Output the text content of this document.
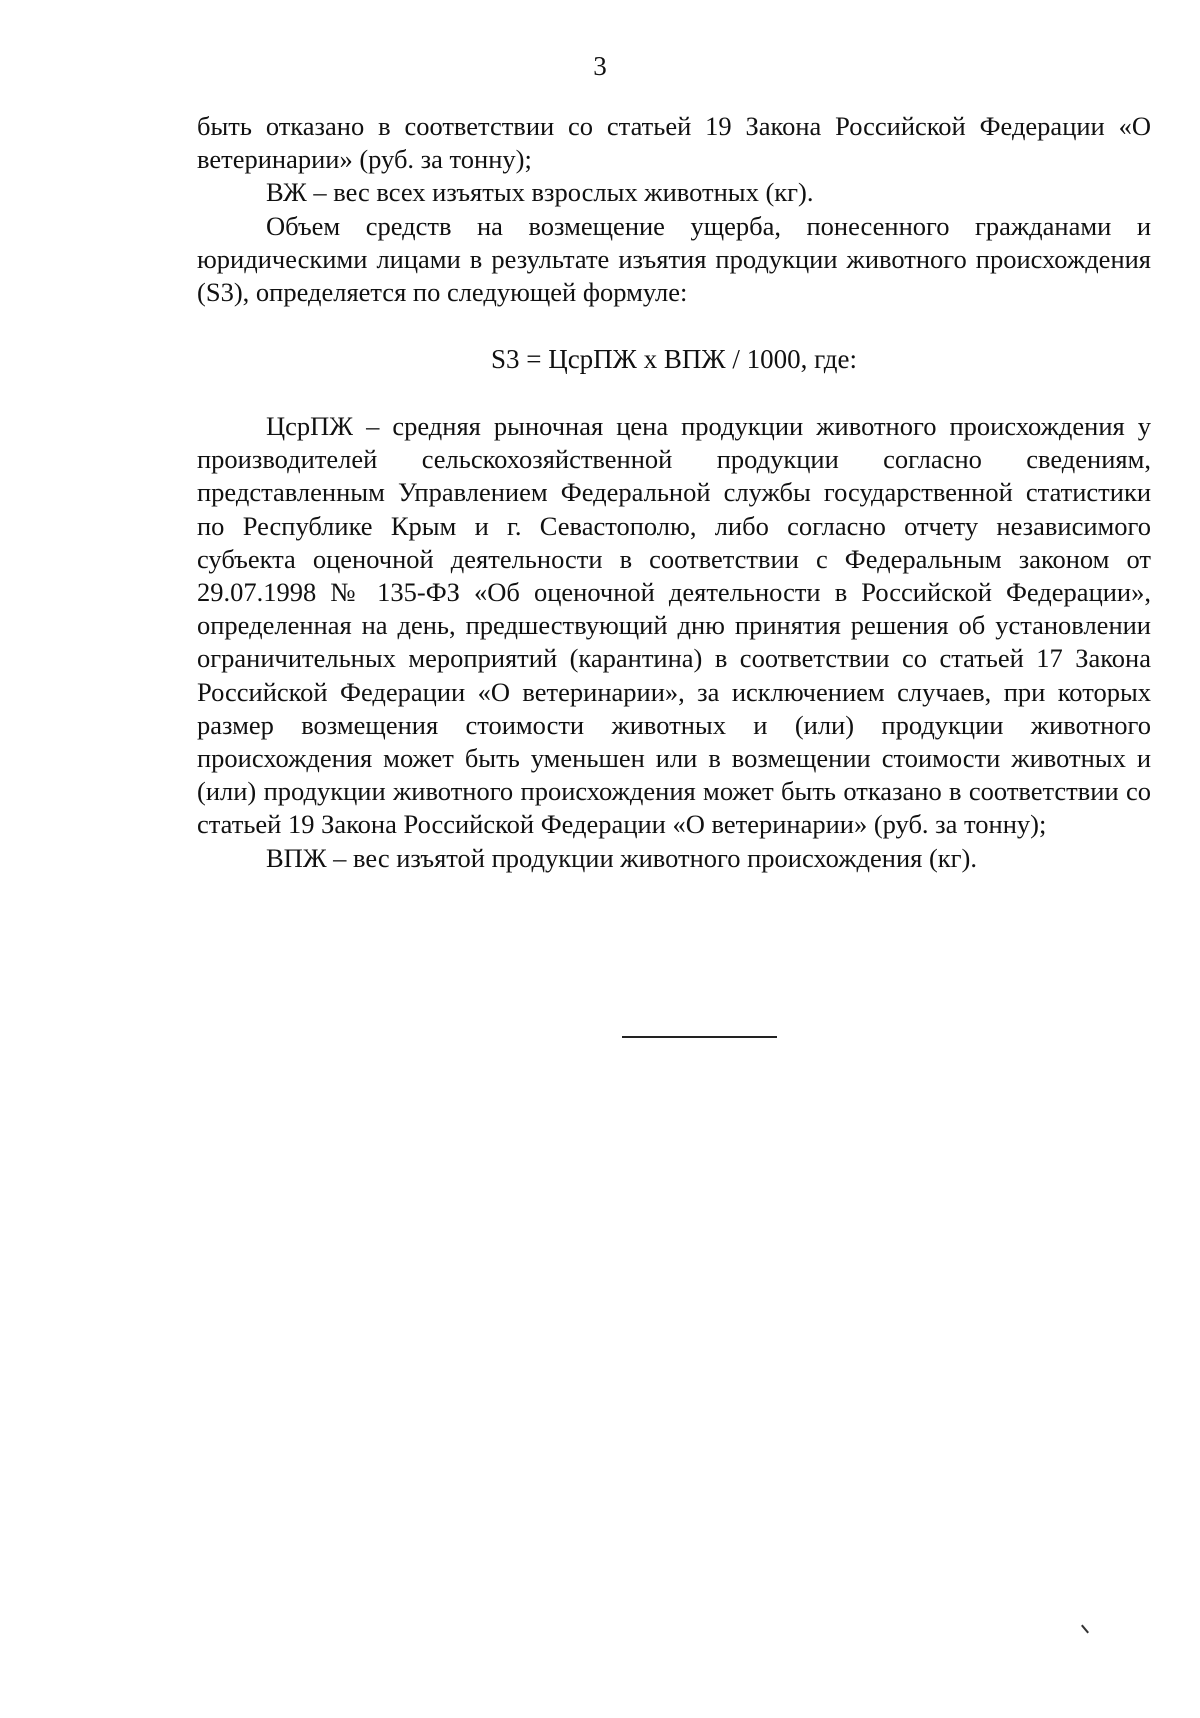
3

быть отказано в соответствии со статьей 19 Закона Российской Федерации «О ветеринарии» (руб. за тонну);

ВЖ – вес всех изъятых взрослых животных (кг).

Объем средств на возмещение ущерба, понесенного гражданами и юридическими лицами в результате изъятия продукции животного происхождения (S3), определяется по следующей формуле:

S3 = ЦсрПЖ x ВПЖ / 1000, где:

ЦсрПЖ – средняя рыночная цена продукции животного происхождения у производителей сельскохозяйственной продукции согласно сведениям, представленным Управлением Федеральной службы государственной статистики по Республике Крым и г. Севастополю, либо согласно отчету независимого субъекта оценочной деятельности в соответствии с Федеральным законом от 29.07.1998 № 135-ФЗ «Об оценочной деятельности в Российской Федерации», определенная на день, предшествующий дню принятия решения об установлении ограничительных мероприятий (карантина) в соответствии со статьей 17 Закона Российской Федерации «О ветеринарии», за исключением случаев, при которых размер возмещения стоимости животных и (или) продукции животного происхождения может быть уменьшен или в возмещении стоимости животных и (или) продукции животного происхождения может быть отказано в соответствии со статьей 19 Закона Российской Федерации «О ветеринарии» (руб. за тонну);

ВПЖ – вес изъятой продукции животного происхождения (кг).
